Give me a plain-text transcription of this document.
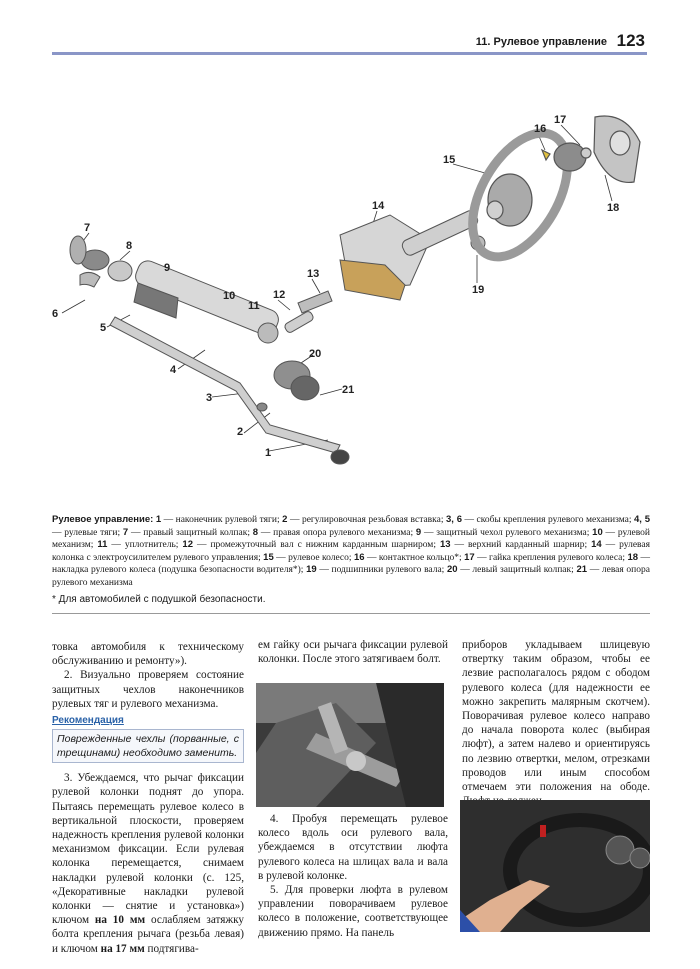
11. Рулевое управление 123
1
2
3
4
5
6
7
8
9
10
11
12
13
14
15
16
17
18
19
20
21
Рулевое управление: 1 — наконечник рулевой тяги; 2 — регулировочная резьбовая вставка; 3, 6 — скобы крепления рулевого механизма; 4, 5 — рулевые тяги; 7 — правый защитный колпак; 8 — правая опора рулевого механизма; 9 — защитный чехол рулевого механизма; 10 — рулевой механизм; 11 — уплотнитель; 12 — промежуточный вал с нижним карданным шарниром; 13 — верхний карданный шарнир; 14 — рулевая колонка с электроусилителем рулевого управления; 15 — рулевое колесо; 16 — контактное кольцо*; 17 — гайка крепления рулевого колеса; 18 — накладка рулевого колеса (подушка безопасности водителя*); 19 — подшипники рулевого вала; 20 — левый защитный колпак; 21 — левая опора рулевого механизма
* Для автомобилей с подушкой безопасности.

товка автомобиля к техническому обслуживанию и ремонту»).

2. Визуально проверяем состояние защитных чехлов наконечников рулевых тяг и рулевого механизма.

Рекомендация
Поврежденные чехлы (порванные, с трещинами) необходимо заменить.

3. Убеждаемся, что рычаг фиксации рулевой колонки поднят до упора. Пытаясь перемещать рулевое колесо в вертикальной плоскости, проверяем надежность крепления рулевой колонки механизмом фиксации. Если рулевая колонка перемещается, снимаем накладки рулевой колонки (с. 125, «Декоративные накладки рулевой колонки — снятие и установка») ключом на 10 мм ослабляем затяжку болта крепления рычага (резьба левая) и ключом на 17 мм подтягива-

ем гайку оси рычага фиксации рулевой колонки. После этого затягиваем болт.

4. Пробуя перемещать рулевое колесо вдоль оси рулевого вала, убеждаемся в отсутствии люфта рулевого колеса на шлицах вала и вала в рулевой колонке.

5. Для проверки люфта в рулевом управлении поворачиваем рулевое колесо в положение, соответствующее движению прямо. На панель

приборов укладываем шлицевую отвертку таким образом, чтобы ее лезвие располагалось рядом с ободом рулевого колеса (для надежности ее можно закрепить малярным скотчем). Поворачивая рулевое колесо направо до начала поворота колес (выбирая люфт), а затем налево и ориентируясь по лезвию отвертки, мелом, отрезками проводов или иным способом отмечаем эти положения на ободе.
